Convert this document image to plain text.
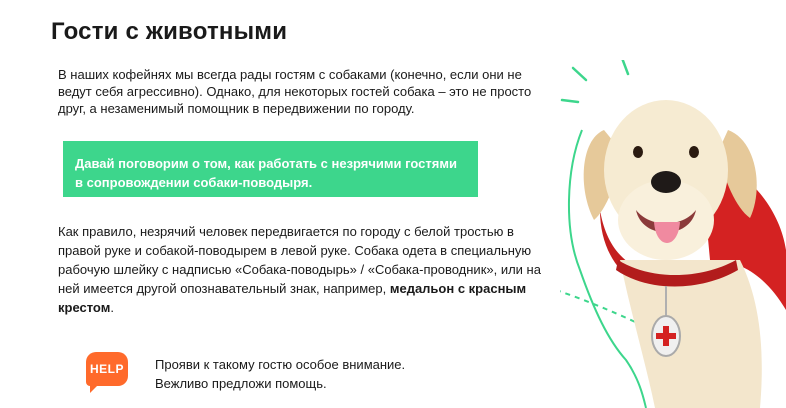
Гости с животными
В наших кофейнях мы всегда рады гостям с собаками (конечно, если они не ведут себя агрессивно). Однако, для некоторых гостей собака – это не просто друг, а незаменимый помощник в передвижении по городу.
Давай поговорим о том, как работать с незрячими гостями в сопровождении собаки-поводыря.
Как правило, незрячий человек передвигается по городу с белой тростью в правой руке и собакой-поводырем в левой руке. Собака одета в специальную рабочую шлейку с надписью «Собака-поводырь» / «Собака-проводник», или на ней имеется другой опознавательный знак, например, медальон с красным крестом.
HELP Прояви к такому гостю особое внимание.
Вежливо предложи помощь.
